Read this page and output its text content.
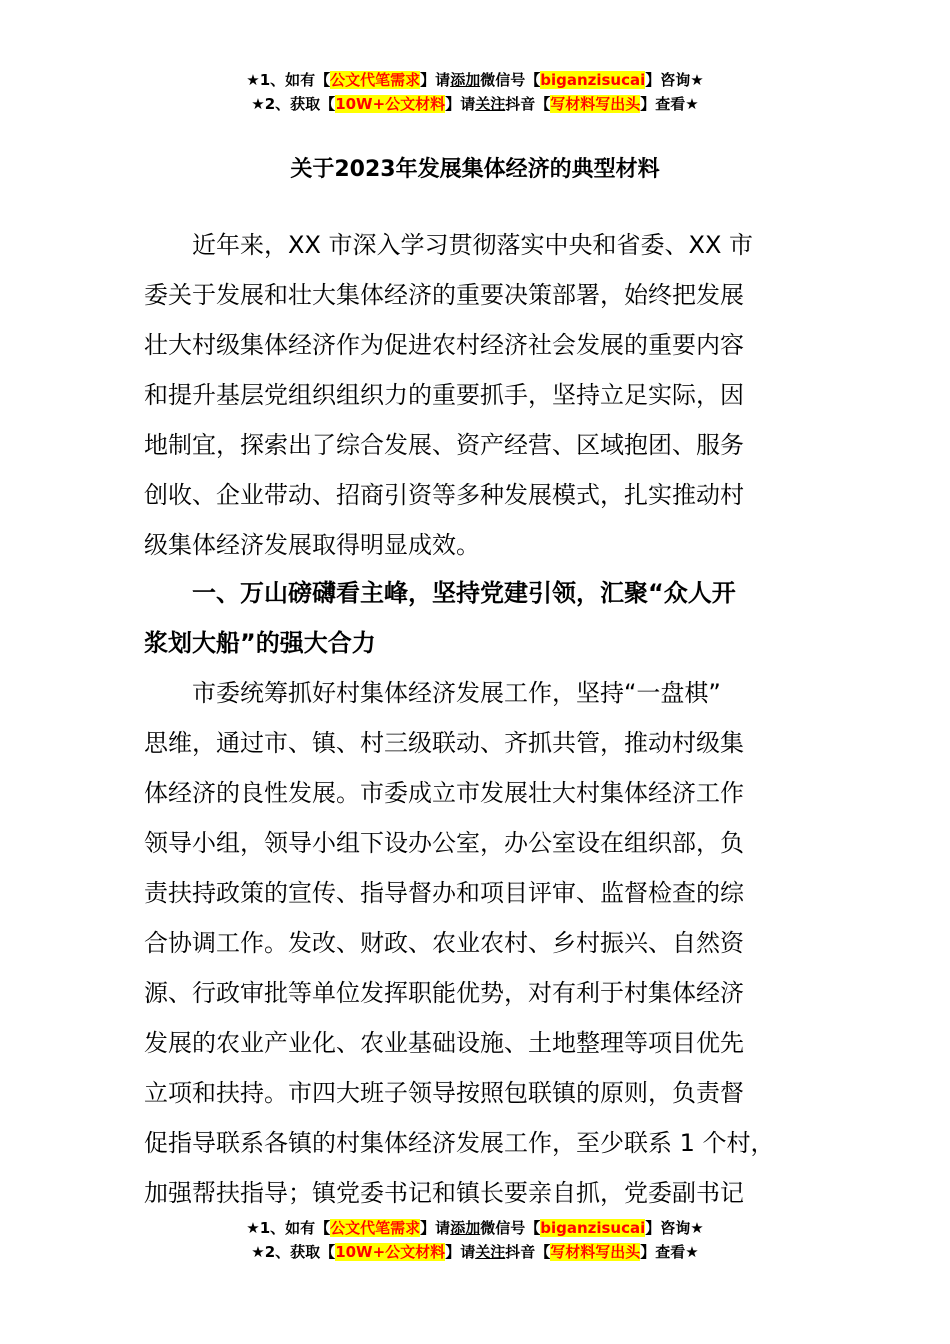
★1、如有【公文代笔需求】请添加微信号【biganzisucai】咨询★
★2、获取【10W+公文材料】请关注抖音【写材料写出头】查看★
关于2023年发展集体经济的典型材料
近年来，XX 市深入学习贯彻落实中央和省委、XX 市
委关于发展和壮大集体经济的重要决策部署，始终把发展
壮大村级集体经济作为促进农村经济社会发展的重要内容
和提升基层党组织组织力的重要抓手，坚持立足实际，因
地制宜，探索出了综合发展、资产经营、区域抱团、服务
创收、企业带动、招商引资等多种发展模式，扎实推动村
级集体经济发展取得明显成效。
一、万山磅礴看主峰，坚持党建引领，汇聚“众人开
浆划大船”的强大合力
市委统筹抓好村集体经济发展工作，坚持“一盘棋”
思维，通过市、镇、村三级联动、齐抓共管，推动村级集
体经济的良性发展。市委成立市发展壮大村集体经济工作
领导小组，领导小组下设办公室，办公室设在组织部，负
责扶持政策的宣传、指导督办和项目评审、监督检查的综
合协调工作。发改、财政、农业农村、乡村振兴、自然资
源、行政审批等单位发挥职能优势，对有利于村集体经济
发展的农业产业化、农业基础设施、土地整理等项目优先
立项和扶持。市四大班子领导按照包联镇的原则，负责督
促指导联系各镇的村集体经济发展工作，至少联系 1 个村，
加强帮扶指导；镇党委书记和镇长要亲自抓，党委副书记
★1、如有【公文代笔需求】请添加微信号【biganzisucai】咨询★
★2、获取【10W+公文材料】请关注抖音【写材料写出头】查看★
